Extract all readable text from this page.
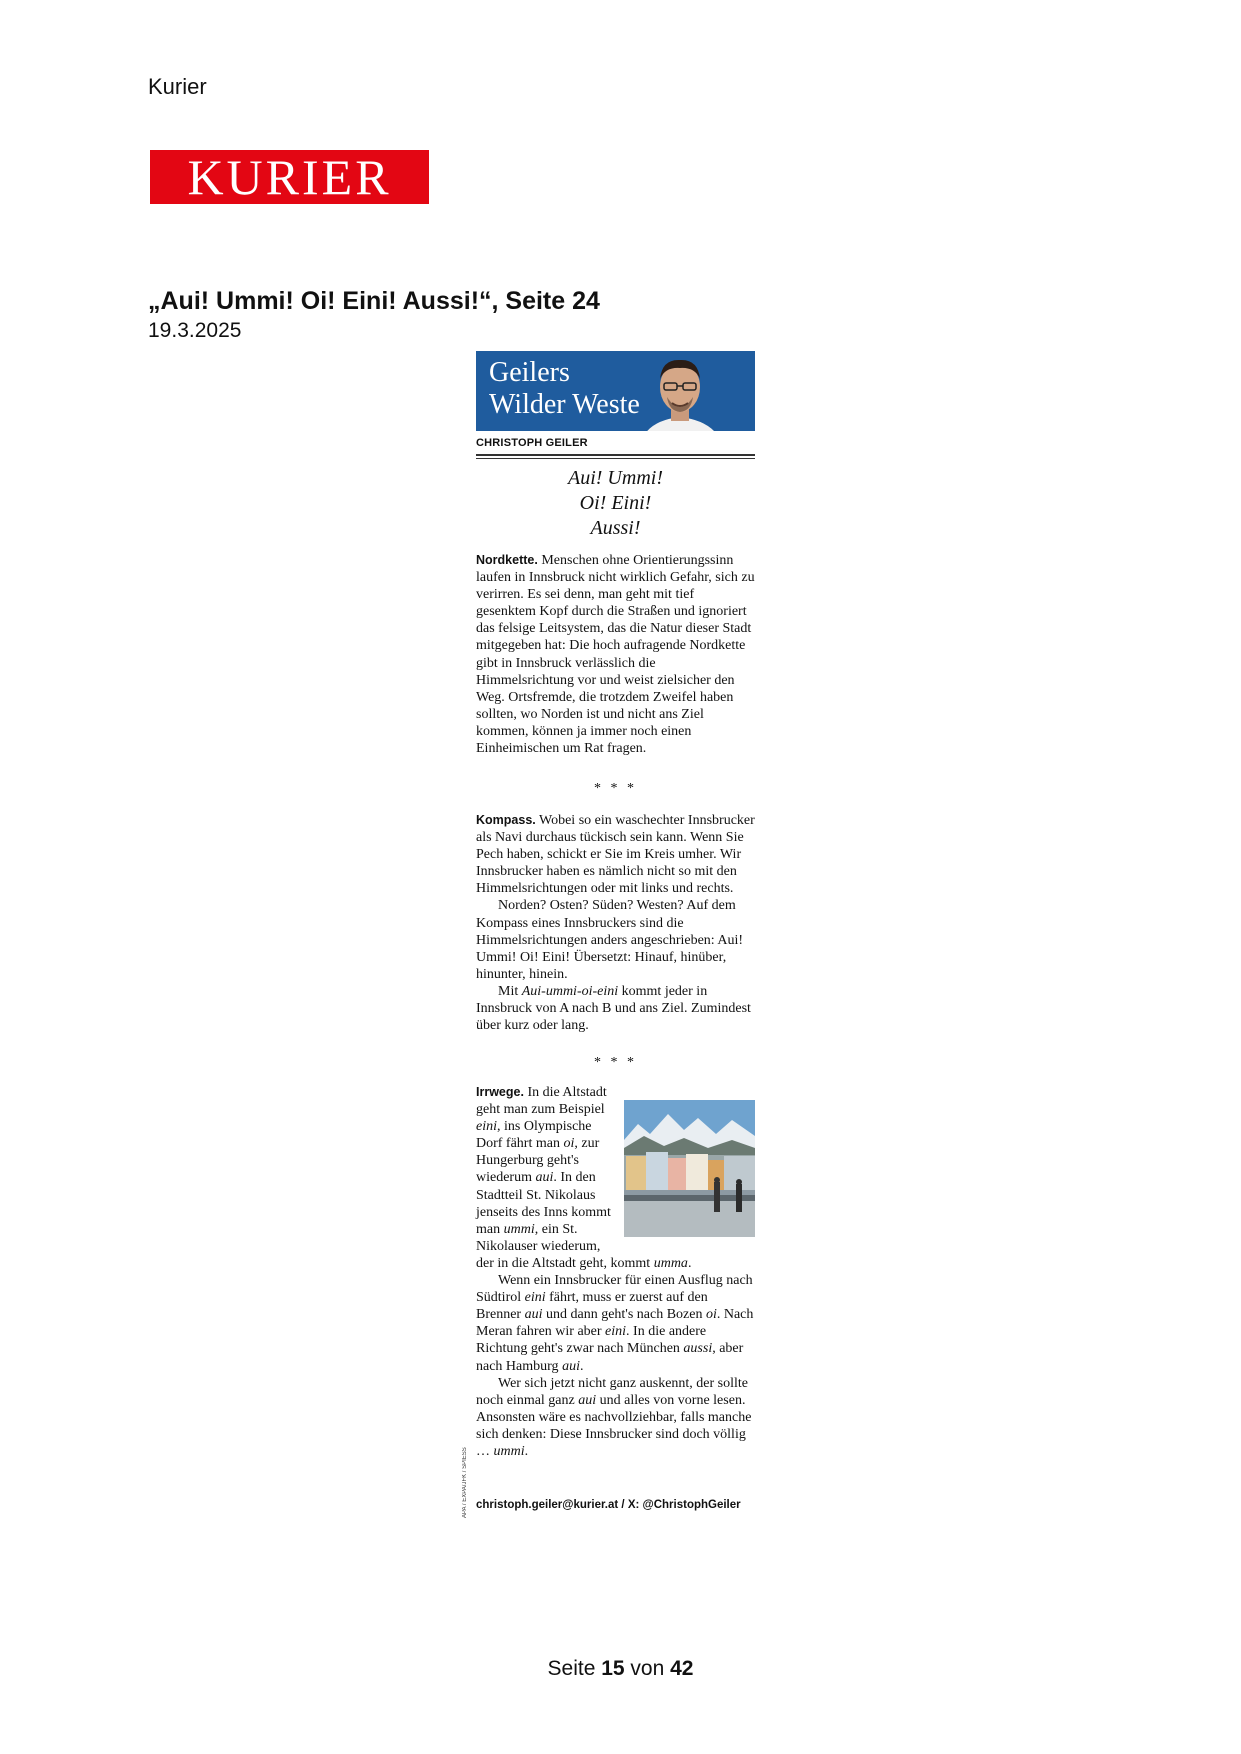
Kurier
KURIER
„Aui! Ummi! Oi! Eini! Aussi!“, Seite 24
19.3.2025
Geilers
Wilder Weste
CHRISTOPH GEILER
Aui! Ummi!
Oi! Eini!
Aussi!

Nordkette. Menschen ohne Orientierungssinn laufen in Innsbruck nicht wirklich Gefahr, sich zu verirren. Es sei denn, man geht mit tief gesenktem Kopf durch die Straßen und ignoriert das felsige Leitsystem, das die Natur dieser Stadt mitgegeben hat: Die hoch aufragende Nordkette gibt in Innsbruck verlässlich die Himmelsrichtung vor und weist zielsicher den Weg. Ortsfremde, die trotzdem Zweifel haben sollten, wo Norden ist und nicht ans Ziel kommen, können ja immer noch einen Einheimischen um Rat fragen.

* * *
Kompass. Wobei so ein waschechter Innsbrucker als Navi durchaus tückisch sein kann. Wenn Sie Pech haben, schickt er Sie im Kreis umher. Wir Innsbrucker haben es nämlich nicht so mit den Himmelsrichtungen oder mit links und rechts.
Norden? Osten? Süden? Westen? Auf dem Kompass eines Innsbruckers sind die Himmelsrichtungen anders angeschrieben: Aui! Ummi! Oi! Eini! Übersetzt: Hinauf, hinüber, hinunter, hinein.
Mit Aui-ummi-oi-eini kommt jeder in Innsbruck von A nach B und ans Ziel. Zumindest über kurz oder lang.
* * *
Irrwege. In die Altstadt geht man zum Beispiel eini, ins Olympische Dorf fährt man oi, zur Hungerburg geht's wiederum aui. In den Stadtteil St. Nikolaus jenseits des Inns kommt man ummi, ein St. Nikolauser wiederum, der in die Altstadt geht, kommt umma.
Wenn ein Innsbrucker für einen Ausflug nach Südtirol eini fährt, muss er zuerst auf den Brenner aui und dann geht's nach Bozen oi. Nach Meran fahren wir aber eini. In die andere Richtung geht's zwar nach München aussi, aber nach Hamburg aui.
Wer sich jetzt nicht ganz auskennt, der sollte noch einmal ganz aui und alles von vorne lesen. Ansonsten wäre es nachvollziehbar, falls manche sich denken: Diese Innsbrucker sind doch völlig … ummi.
APA / EXPA/JFK / SPIESS christoph.geiler@kurier.at / X: @ChristophGeiler
Seite 15 von 42
